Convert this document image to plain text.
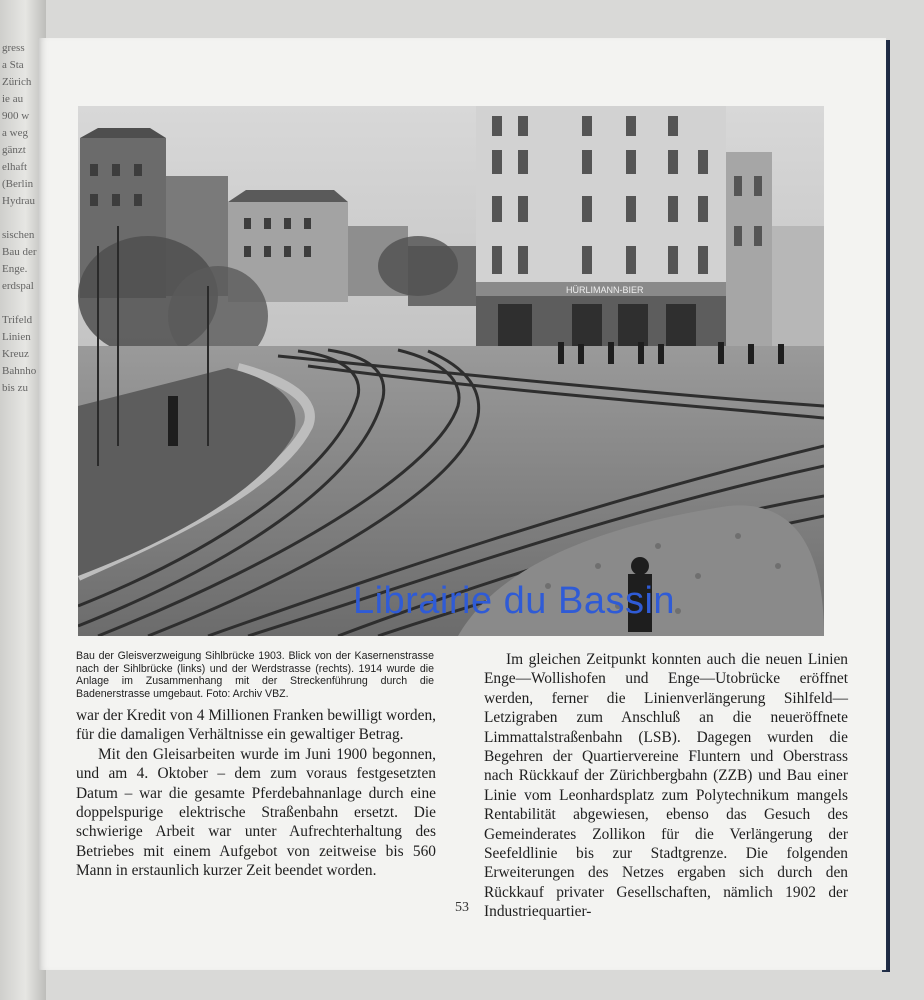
gress
a Sta
Zürich
ie au
900 w
a weg
gänzt
elhaft
(Berlin
Hydrau

sischen
Bau der
Enge.
erdspal

Trifeld
Linien
Kreuz
Bahnho
bis zu
HÜRLIMANN-BIER
Bau der Gleisverzweigung Sihlbrücke 1903. Blick von der Kasernenstrasse nach der Sihlbrücke (links) und der Werdstrasse (rechts). 1914 wurde die Anlage im Zusammenhang mit der Streckenführung durch die Badenerstrasse umgebaut. Foto: Archiv VBZ.

war der Kredit von 4 Millionen Franken bewilligt worden, für die damaligen Verhältnisse ein gewaltiger Betrag.

Mit den Gleisarbeiten wurde im Juni 1900 begonnen, und am 4. Oktober – dem zum voraus festgesetzten Datum – war die gesamte Pferdebahnanlage durch eine doppelspurige elektrische Straßenbahn ersetzt. Die schwierige Arbeit war unter Aufrechterhaltung des Betriebes mit einem Aufgebot von zeitweise bis 560 Mann in erstaunlich kurzer Zeit beendet worden.

Im gleichen Zeitpunkt konnten auch die neuen Linien Enge—Wollishofen und Enge—Utobrücke eröffnet werden, ferner die Linienverlängerung Sihlfeld—Letzigraben zum Anschluß an die neueröffnete Limmattalstraßenbahn (LSB). Dagegen wurden die Begehren der Quartiervereine Fluntern und Oberstrass nach Rückkauf der Zürichbergbahn (ZZB) und Bau einer Linie vom Leonhardsplatz zum Polytechnikum mangels Rentabilität abgewiesen, ebenso das Gesuch des Gemeinderates Zollikon für die Verlängerung der Seefeldlinie bis zur Stadtgrenze. Die folgenden Erweiterungen des Netzes ergaben sich durch den Rückkauf privater Gesellschaften, nämlich 1902 der Industriequartier-

53
Librairie du Bassin
